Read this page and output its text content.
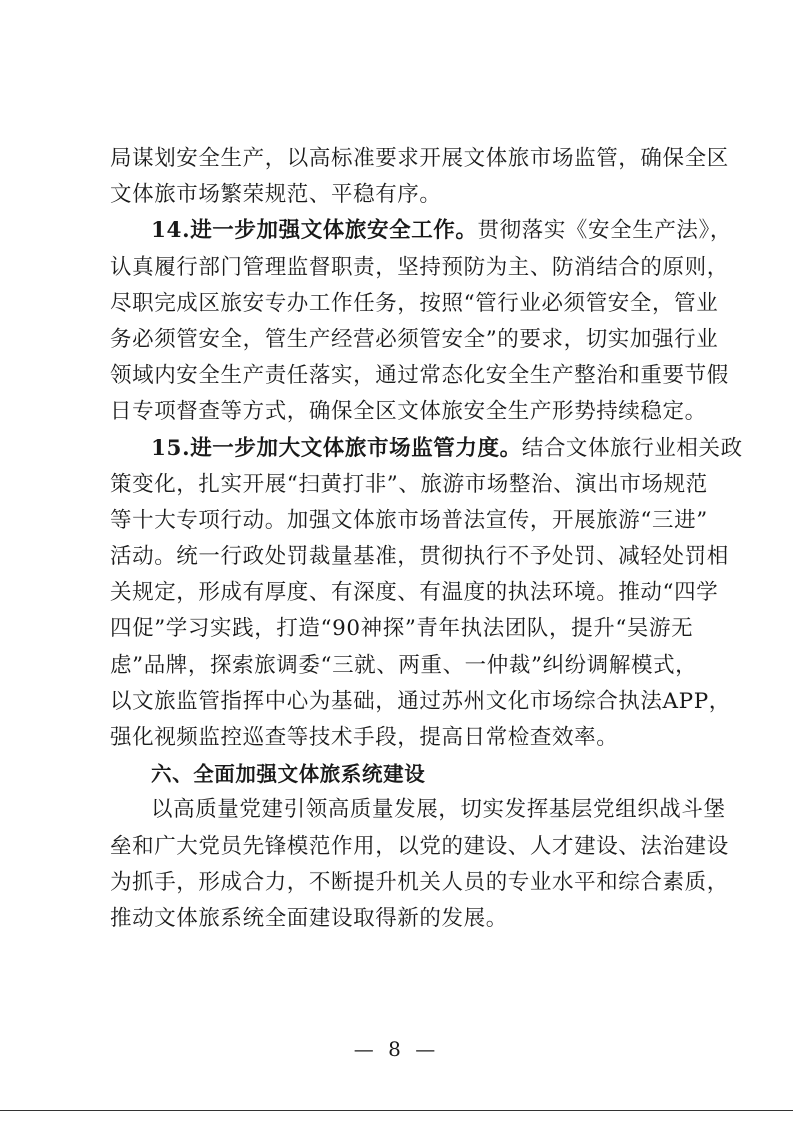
局谋划安全生产，以高标准要求开展文体旅市场监管，确保全区
文体旅市场繁荣规范、平稳有序。
14.进一步加强文体旅安全工作。贯彻落实《安全生产法》，
认真履行部门管理监督职责，坚持预防为主、防消结合的原则，
尽职完成区旅安专办工作任务，按照“管行业必须管安全，管业
务必须管安全，管生产经营必须管安全”的要求，切实加强行业
领域内安全生产责任落实，通过常态化安全生产整治和重要节假
日专项督查等方式，确保全区文体旅安全生产形势持续稳定。
15.进一步加大文体旅市场监管力度。结合文体旅行业相关政
策变化，扎实开展“扫黄打非”、旅游市场整治、演出市场规范
等十大专项行动。加强文体旅市场普法宣传，开展旅游“三进”
活动。统一行政处罚裁量基准，贯彻执行不予处罚、减轻处罚相
关规定，形成有厚度、有深度、有温度的执法环境。推动“四学
四促”学习实践，打造“90神探”青年执法团队，提升“吴游无
虑”品牌，探索旅调委“三就、两重、一仲裁”纠纷调解模式，
以文旅监管指挥中心为基础，通过苏州文化市场综合执法APP，
强化视频监控巡查等技术手段，提高日常检查效率。
六、全面加强文体旅系统建设
以高质量党建引领高质量发展，切实发挥基层党组织战斗堡
垒和广大党员先锋模范作用，以党的建设、人才建设、法治建设
为抓手，形成合力，不断提升机关人员的专业水平和综合素质，
推动文体旅系统全面建设取得新的发展。
— 8 —
